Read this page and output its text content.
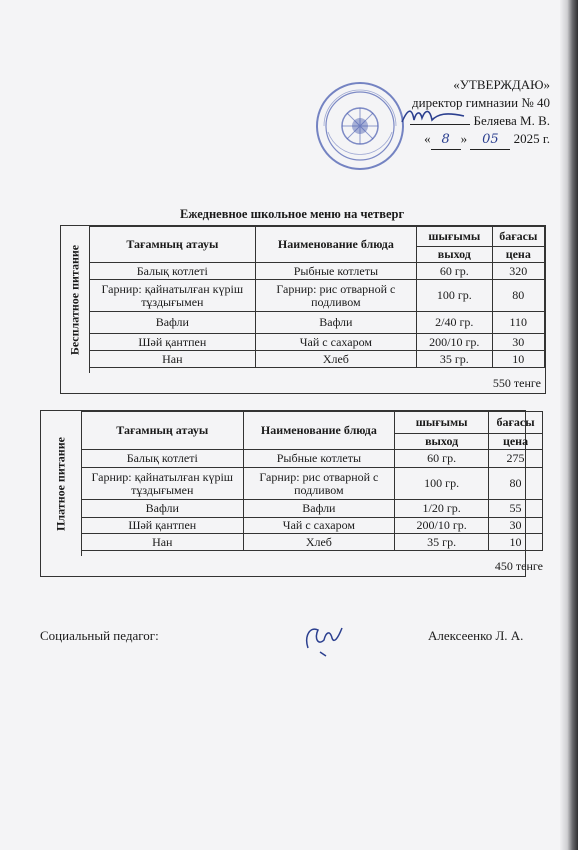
«УТВЕРЖДАЮ»
директор гимназии № 40
Беляева М. В.
« 8 » 05 2025 г.
Ежедневное школьное меню на четверг
Бесплатное питание
Тағамның атауы	Наименование блюда	шығымы	бағасы
		выход	цена
Балық котлеті	Рыбные котлеты	60 гр.	320
Гарнир: қайнатылған күріш тұздығымен	Гарнир: рис отварной с подливом	100 гр.	80
Вафли	Вафли	2/40 гр.	110
Шәй қантпен	Чай с сахаром	200/10 гр.	30
Нан	Хлеб	35 гр.	10
550 тенге
Платное питание
Тағамның атауы	Наименование блюда	шығымы	бағасы
		выход	цена
Балық котлеті	Рыбные котлеты	60 гр.	275
Гарнир: қайнатылған күріш тұздығымен	Гарнир: рис отварной с подливом	100 гр.	80
Вафли	Вафли	1/20 гр.	55
Шәй қантпен	Чай с сахаром	200/10 гр.	30
Нан	Хлеб	35 гр.	10
450 тенге
Социальный педагог:	Алексеенко Л. А.
